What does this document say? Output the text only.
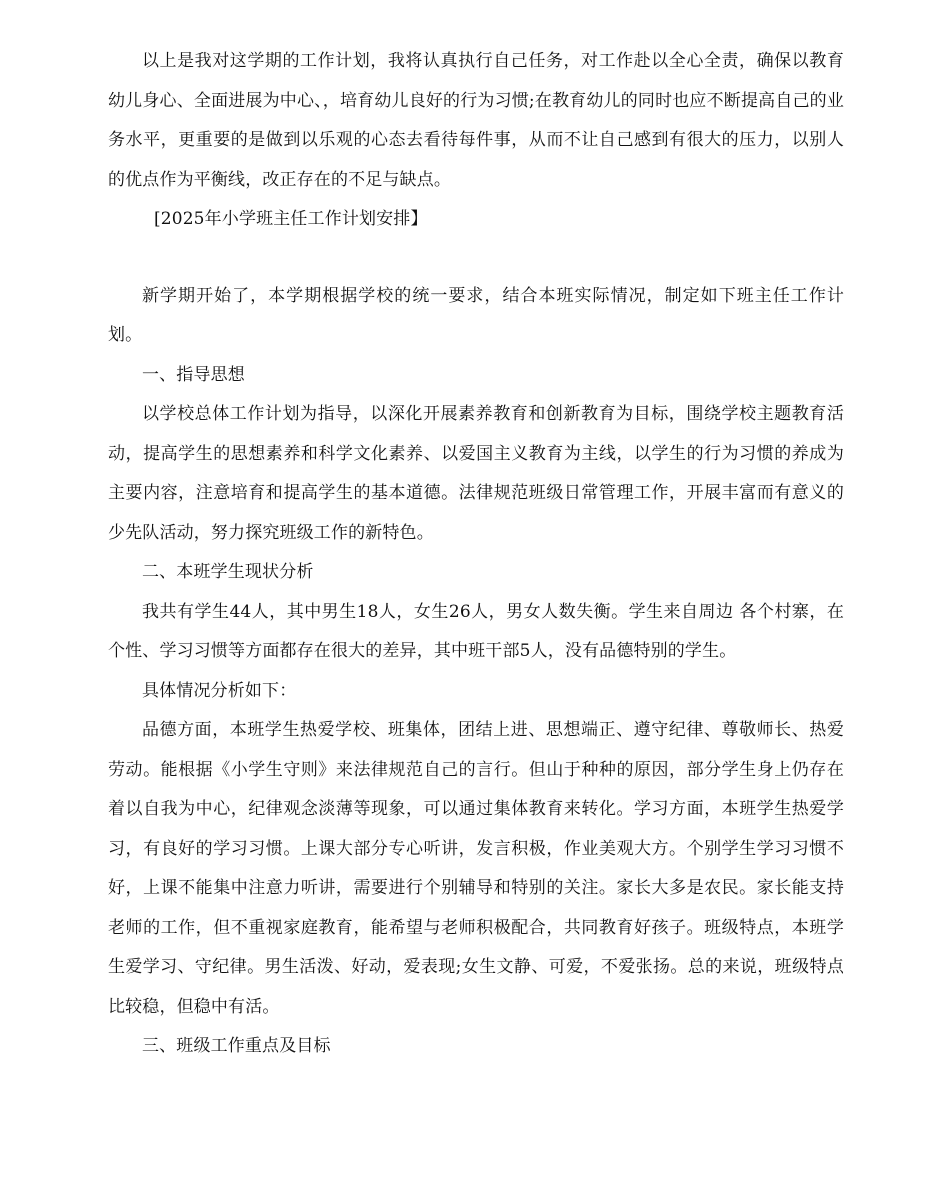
以上是我对这学期的工作计划，我将认真执行自己任务，对工作赴以全心全责，确保以教育幼儿身心、全面进展为中心、，培育幼儿良好的行为习惯;在教育幼儿的同时也应不断提高自己的业务水平，更重要的是做到以乐观的心态去看待每件事，从而不让自己感到有很大的压力，以别人的优点作为平衡线，改正存在的不足与缺点。

[2025年小学班主任工作计划安排】

新学期开始了，本学期根据学校的统一要求，结合本班实际情况，制定如下班主任工作计划。

一、指导思想

以学校总体工作计划为指导，以深化开展素养教育和创新教育为目标，围绕学校主题教育活动，提高学生的思想素养和科学文化素养、以爱国主义教育为主线，以学生的行为习惯的养成为主要内容，注意培育和提高学生的基本道德。法律规范班级日常管理工作，开展丰富而有意义的少先队活动，努力探究班级工作的新特色。

二、本班学生现状分析

我共有学生44人，其中男生18人，女生26人，男女人数失衡。学生来自周边 各个村寨，在个性、学习习惯等方面都存在很大的差异，其中班干部5人，没有品德特别的学生。

具体情况分析如下：

品德方面，本班学生热爱学校、班集体，团结上进、思想端正、遵守纪律、尊敬师长、热爱劳动。能根据《小学生守则》来法律规范自己的言行。但山于种种的原因，部分学生身上仍存在着以自我为中心，纪律观念淡薄等现象，可以通过集体教育来转化。学习方面，本班学生热爱学习，有良好的学习习惯。上课大部分专心听讲，发言积极，作业美观大方。个别学生学习习惯不好，上课不能集中注意力听讲，需要进行个别辅导和特别的关注。家长大多是农民。家长能支持老师的工作，但不重视家庭教育，能希望与老师积极配合，共同教育好孩子。班级特点，本班学生爱学习、守纪律。男生活泼、好动，爱表现;女生文静、可爱，不爱张扬。总的来说，班级特点比较稳，但稳中有活。

三、班级工作重点及目标
